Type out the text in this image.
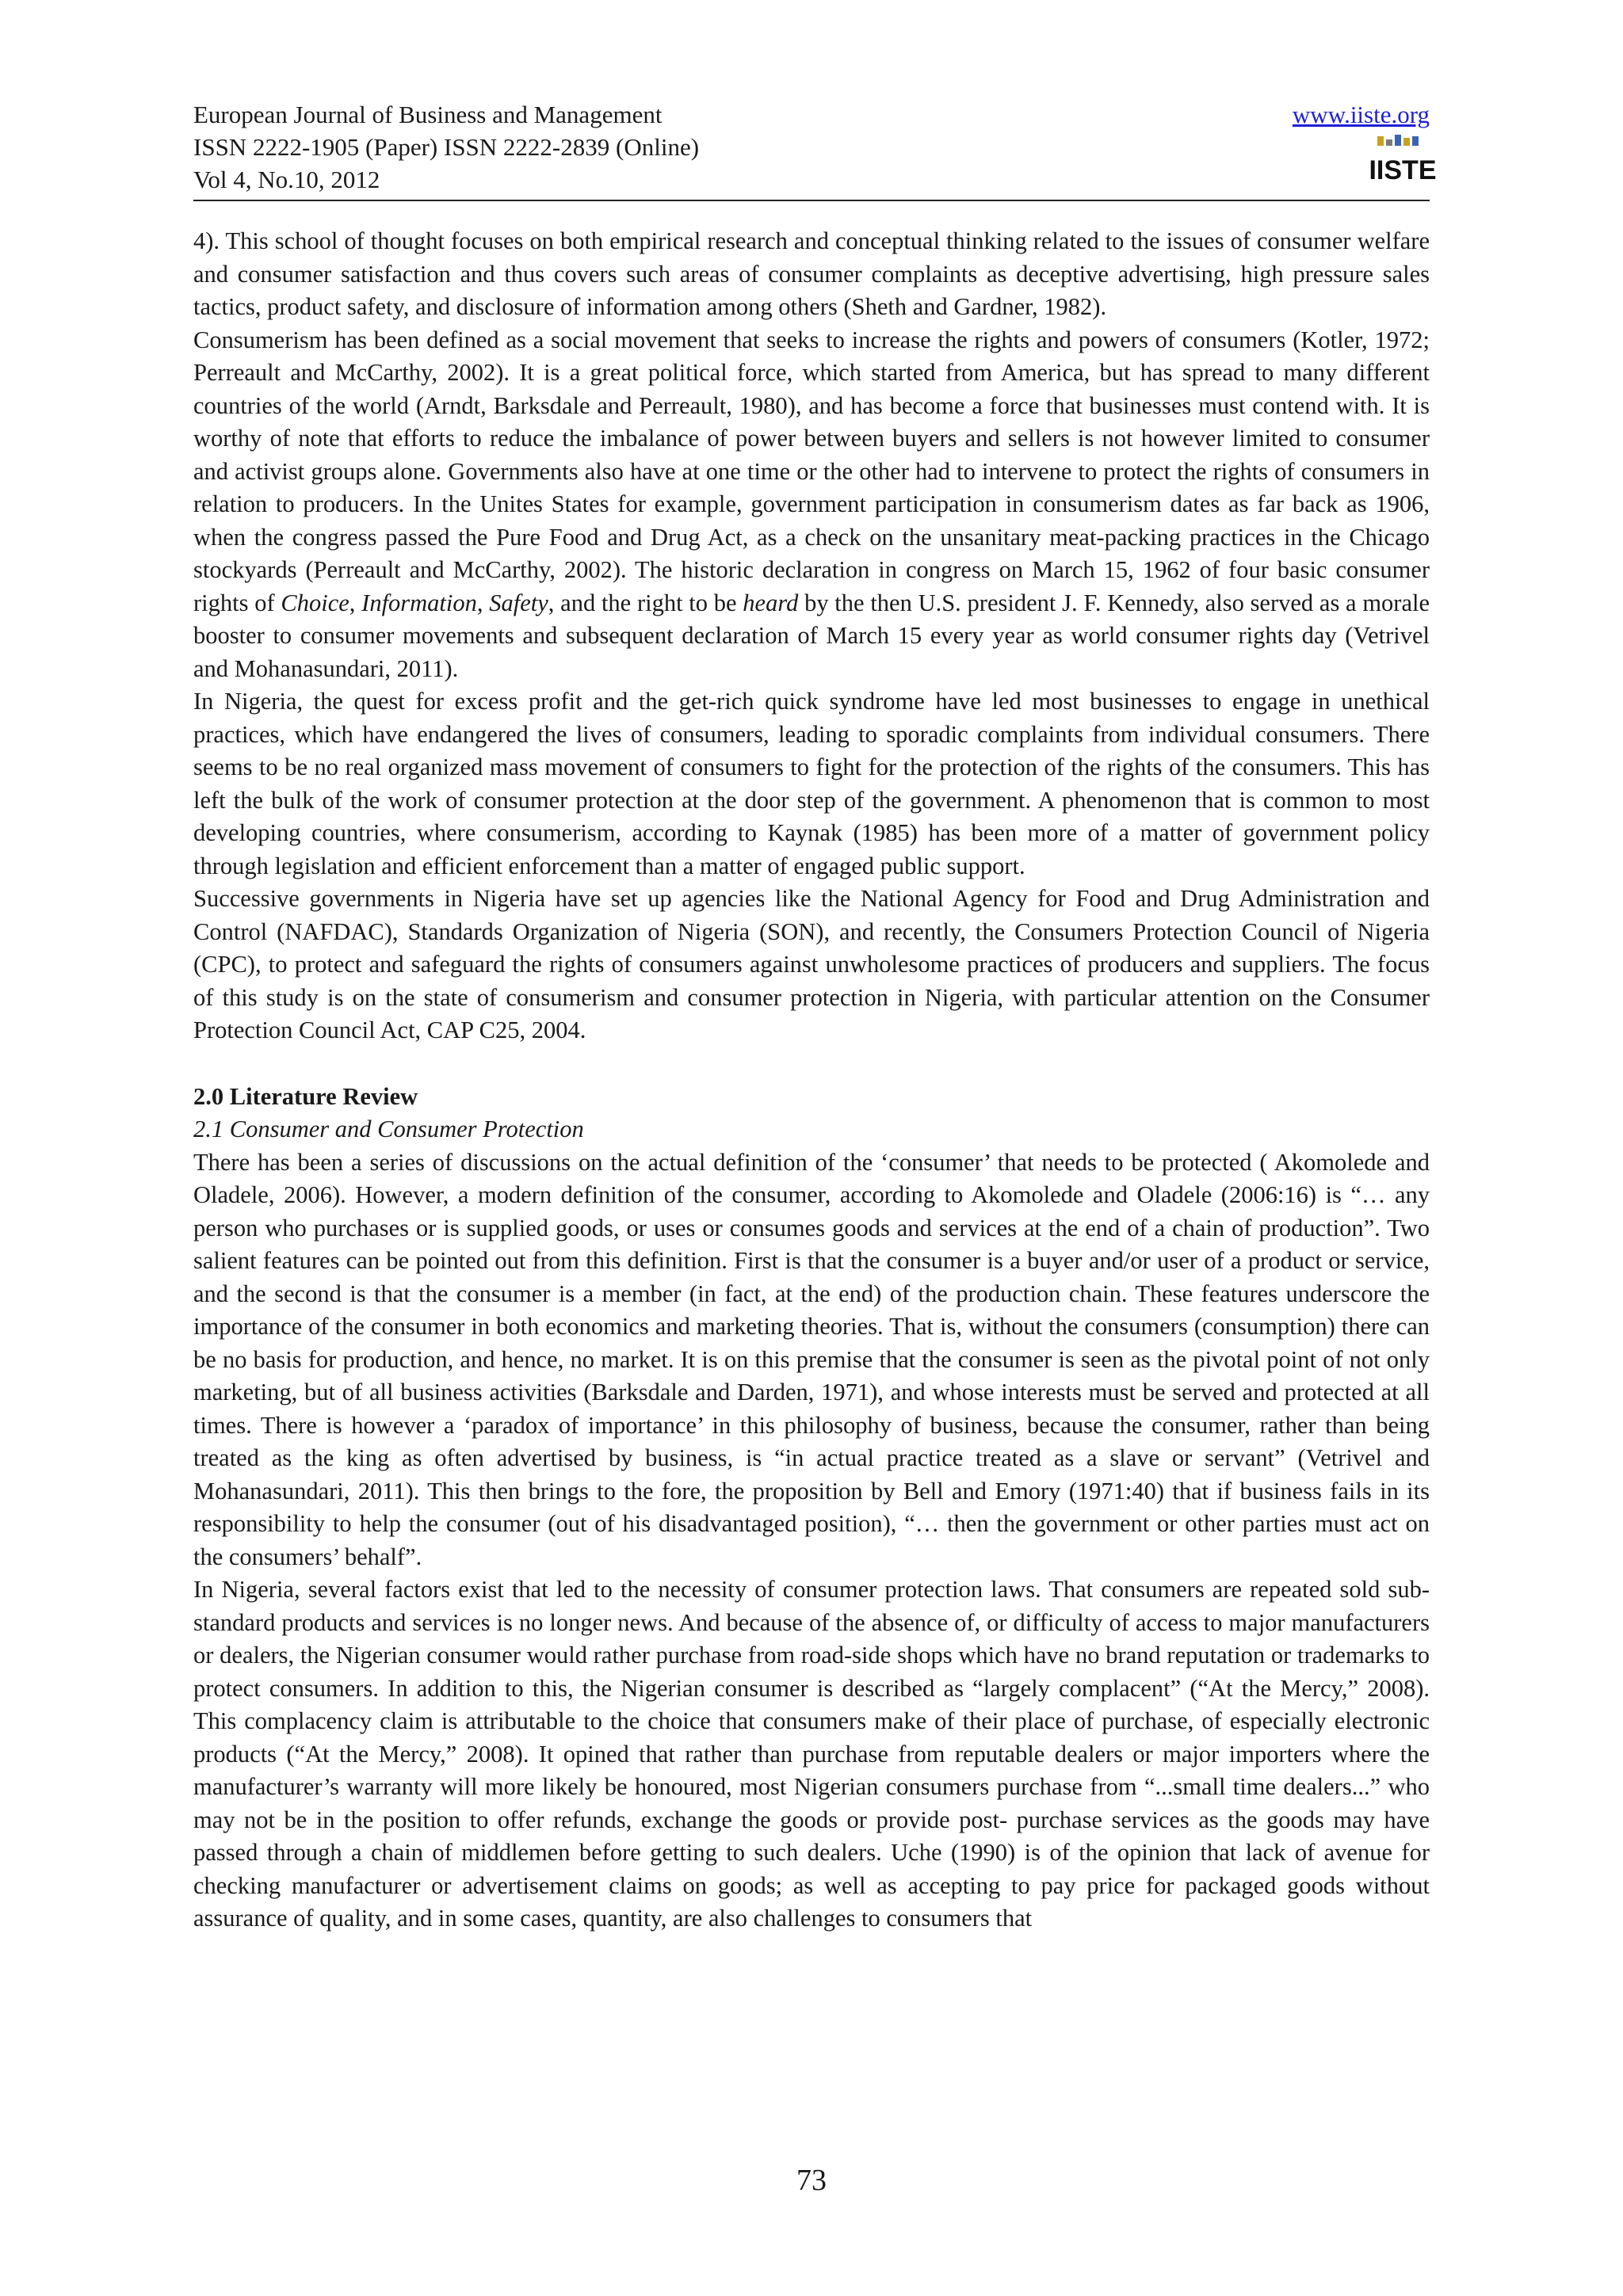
European Journal of Business and Management
ISSN 2222-1905 (Paper) ISSN 2222-2839 (Online)
Vol 4, No.10, 2012
www.iiste.org
IISTE

4). This school of thought focuses on both empirical research and conceptual thinking related to the issues of consumer welfare and consumer satisfaction and thus covers such areas of consumer complaints as deceptive advertising, high pressure sales tactics, product safety, and disclosure of information among others (Sheth and Gardner, 1982).

Consumerism has been defined as a social movement that seeks to increase the rights and powers of consumers (Kotler, 1972; Perreault and McCarthy, 2002). It is a great political force, which started from America, but has spread to many different countries of the world (Arndt, Barksdale and Perreault, 1980), and has become a force that businesses must contend with. It is worthy of note that efforts to reduce the imbalance of power between buyers and sellers is not however limited to consumer and activist groups alone. Governments also have at one time or the other had to intervene to protect the rights of consumers in relation to producers. In the Unites States for example, government participation in consumerism dates as far back as 1906, when the congress passed the Pure Food and Drug Act, as a check on the unsanitary meat-packing practices in the Chicago stockyards (Perreault and McCarthy, 2002). The historic declaration in congress on March 15, 1962 of four basic consumer rights of Choice, Information, Safety, and the right to be heard by the then U.S. president J. F. Kennedy, also served as a morale booster to consumer movements and subsequent declaration of March 15 every year as world consumer rights day (Vetrivel and Mohanasundari, 2011).

In Nigeria, the quest for excess profit and the get-rich quick syndrome have led most businesses to engage in unethical practices, which have endangered the lives of consumers, leading to sporadic complaints from individual consumers. There seems to be no real organized mass movement of consumers to fight for the protection of the rights of the consumers. This has left the bulk of the work of consumer protection at the door step of the government. A phenomenon that is common to most developing countries, where consumerism, according to Kaynak (1985) has been more of a matter of government policy through legislation and efficient enforcement than a matter of engaged public support.

Successive governments in Nigeria have set up agencies like the National Agency for Food and Drug Administration and Control (NAFDAC), Standards Organization of Nigeria (SON), and recently, the Consumers Protection Council of Nigeria (CPC), to protect and safeguard the rights of consumers against unwholesome practices of producers and suppliers. The focus of this study is on the state of consumerism and consumer protection in Nigeria, with particular attention on the Consumer Protection Council Act, CAP C25, 2004.

2.0 Literature Review
2.1 Consumer and Consumer Protection

There has been a series of discussions on the actual definition of the ‘consumer’ that needs to be protected ( Akomolede and Oladele, 2006). However, a modern definition of the consumer, according to Akomolede and Oladele (2006:16) is “… any person who purchases or is supplied goods, or uses or consumes goods and services at the end of a chain of production”. Two salient features can be pointed out from this definition. First is that the consumer is a buyer and/or user of a product or service, and the second is that the consumer is a member (in fact, at the end) of the production chain. These features underscore the importance of the consumer in both economics and marketing theories. That is, without the consumers (consumption) there can be no basis for production, and hence, no market. It is on this premise that the consumer is seen as the pivotal point of not only marketing, but of all business activities (Barksdale and Darden, 1971), and whose interests must be served and protected at all times. There is however a ‘paradox of importance’ in this philosophy of business, because the consumer, rather than being treated as the king as often advertised by business, is “in actual practice treated as a slave or servant” (Vetrivel and Mohanasundari, 2011). This then brings to the fore, the proposition by Bell and Emory (1971:40) that if business fails in its responsibility to help the consumer (out of his disadvantaged position), “… then the government or other parties must act on the consumers’ behalf”.

In Nigeria, several factors exist that led to the necessity of consumer protection laws. That consumers are repeated sold sub-standard products and services is no longer news. And because of the absence of, or difficulty of access to major manufacturers or dealers, the Nigerian consumer would rather purchase from road-side shops which have no brand reputation or trademarks to protect consumers. In addition to this, the Nigerian consumer is described as “largely complacent” (“At the Mercy,” 2008). This complacency claim is attributable to the choice that consumers make of their place of purchase, of especially electronic products (“At the Mercy,” 2008). It opined that rather than purchase from reputable dealers or major importers where the manufacturer’s warranty will more likely be honoured, most Nigerian consumers purchase from “...small time dealers...” who may not be in the position to offer refunds, exchange the goods or provide post- purchase services as the goods may have passed through a chain of middlemen before getting to such dealers. Uche (1990) is of the opinion that lack of avenue for checking manufacturer or advertisement claims on goods; as well as accepting to pay price for packaged goods without assurance of quality, and in some cases, quantity, are also challenges to consumers that

73
